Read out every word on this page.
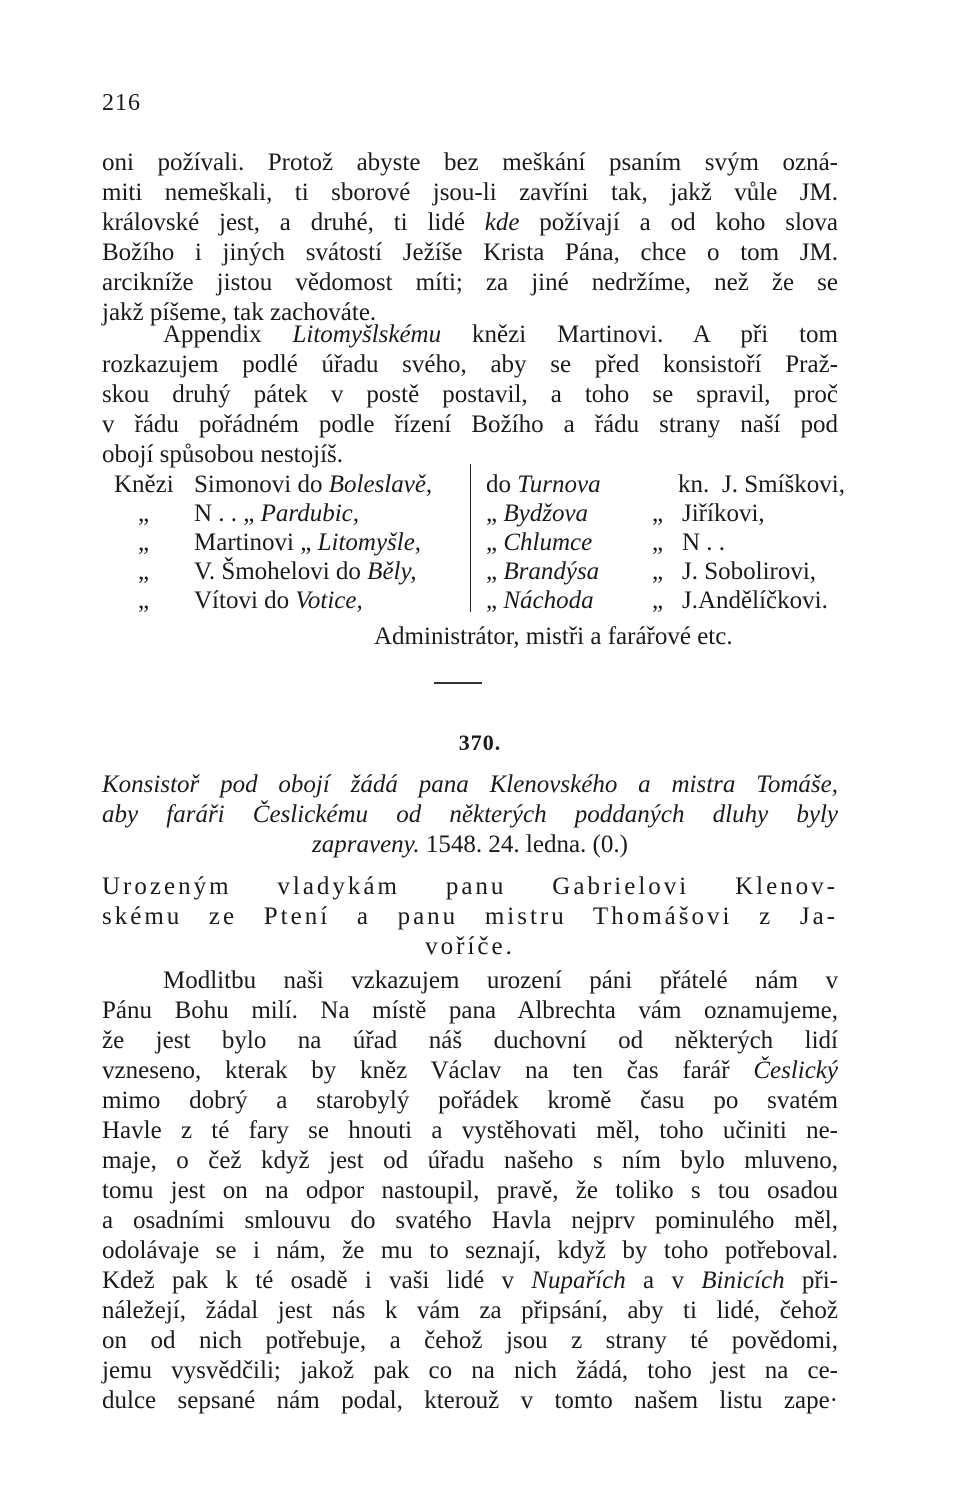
216
oni požívali. Protož abyste bez meškání psaním svým ozná-
miti nemeškali, ti sborové jsou-li zavříni tak, jakž vůle JM.
královské jest, a druhé, ti lidé kde požívají a od koho slova
Božího i jiných svátostí Ježíše Krista Pána, chce o tom JM.
arcikníže jistou vědomost míti; za jiné nedržíme, než že se
jakž píšeme, tak zachováte.
Appendix Litomyšlskému knězi Martinovi. A při tom
rozkazujem podlé úřadu svého, aby se před konsistoří Praž-
skou druhý pátek v postě postavil, a toho se spravil, proč
v řádu pořádném podle řízení Božího a řádu strany naší pod
obojí spůsobou nestojíš.
Knězi Simonovi do Boleslavě, do Turnova	kn. J. Smíškovi,
„	N . . „ Pardubic,	„ Bydžova	„ Jiříkovi,
„	Martinovi „ Litomyšle,	„ Chlumce „ N . .
„	V. Šmohelovi do Běly,	„ Brandýsa „ J. Sobolirovi,
„	Vítovi do Votice,	„ Náchoda „ J.Andělíčkovi.
Administrátor, mistři a farářové etc.
370.
Konsistoř pod obojí žádá pana Klenovského a mistra Tomáše,
aby faráři Česlickému od některých poddaných dluhy byly
zapraveny. 1548. 24. ledna. (0.)
Urozeným vladykám panu Gabrielovi Klenov-
skému ze Ptení a panu mistru Thomášovi z Ja-
voříče.
Modlitbu naši vzkazujem urození páni přátelé nám v
Pánu Bohu milí. Na místě pana Albrechta vám oznamujeme,
že jest bylo na úřad náš duchovní od některých lidí
vzneseno, kterak by kněz Václav na ten čas farář Česlický
mimo dobrý a starobylý pořádek kromě času po svatém
Havle z té fary se hnouti a vystěhovati měl, toho učiniti ne-
maje, o čež když jest od úřadu našeho s ním bylo mluveno,
tomu jest on na odpor nastoupil, pravě, že toliko s tou osadou
a osadními smlouvu do svatého Havla nejprv pominulého měl,
odolávaje se i nám, že mu to seznají, když by toho potřeboval.
Kdež pak k té osadě i vaši lidé v Nupařích a v Binicích při-
náležejí, žádal jest nás k vám za připsání, aby ti lidé, čehož
on od nich potřebuje, a čehož jsou z strany té povědomi,
jemu vysvědčili; jakož pak co na nich žádá, toho jest na ce-
dulce sepsané nám podal, kterouž v tomto našem listu zape·
